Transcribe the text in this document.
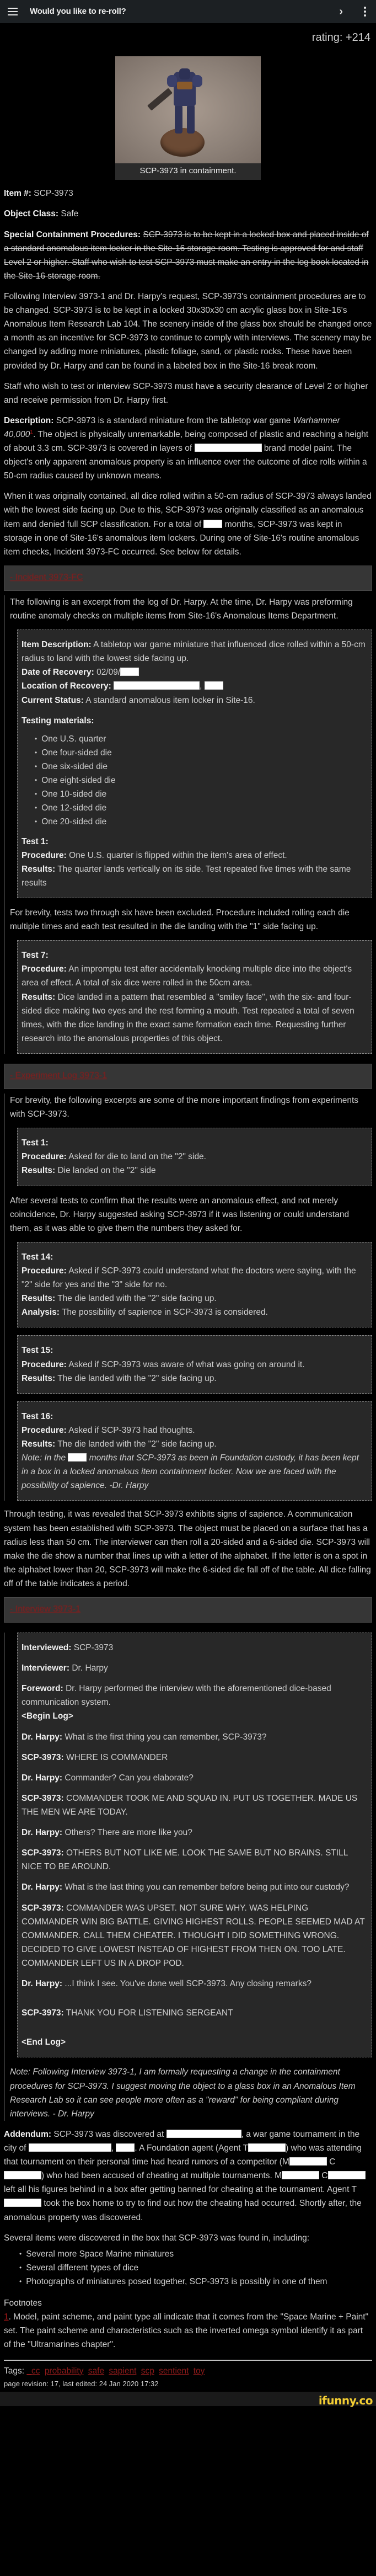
Would you like to re-roll?	›
rating: +214
SCP-3973 in containment.

Item #: SCP-3973

Object Class: Safe

Special Containment Procedures: SCP-3973 is to be kept in a locked box and placed inside of a standard anomalous item locker in the Site-16 storage room. Testing is approved for and staff Level 2 or higher. Staff who wish to test SCP-3973 must make an entry in the log book located in the Site-16 storage room.

Following Interview 3973-1 and Dr. Harpy's request, SCP-3973's containment procedures are to be changed. SCP-3973 is to be kept in a locked 30x30x30 cm acrylic glass box in Site-16's Anomalous Item Research Lab 104. The scenery inside of the glass box should be changed once a month as an incentive for SCP-3973 to continue to comply with interviews. The scenery may be changed by adding more miniatures, plastic foliage, sand, or plastic rocks. These have been provided by Dr. Harpy and can be found in a labeled box in the Site-16 break room.

Staff who wish to test or interview SCP-3973 must have a security clearance of Level 2 or higher and receive permission from Dr. Harpy first.

Description: SCP-3973 is a standard miniature from the tabletop war game Warhammer 40,000$^1$. The object is physically unremarkable, being composed of plastic and reaching a height of about 3.3 cm. SCP-3973 is covered in layers of	brand model paint. The object's only apparent anomalous property is an influence over the outcome of dice rolls within a 50-cm radius caused by unknown means.

When it was originally contained, all dice rolled within a 50-cm radius of SCP-3973 always landed with the lowest side facing up. Due to this, SCP-3973 was originally classified as an anomalous item and denied full SCP classification. For a total of	months, SCP-3973 was kept in storage in one of Site-16's anomalous item lockers. During one of Site-16's routine anomalous item checks, Incident 3973-FC occurred. See below for details.

- Incident 3973-FC

The following is an excerpt from the log of Dr. Harpy. At the time, Dr. Harpy was preforming routine anomaly checks on multiple items from Site-16's Anomalous Items Department.

Item Description: A tabletop war game miniature that influenced dice rolled within a 50-cm radius to land with the lowest side facing up.
Date of Recovery: 02/09/
Location of Recovery:	,
Current Status: A standard anomalous item locker in Site-16.
Testing materials:
• One U.S. quarter
• One four-sided die
• One six-sided die
• One eight-sided die
• One 10-sided die
• One 12-sided die
• One 20-sided die
Test 1:
Procedure: One U.S. quarter is flipped within the item's area of effect.
Results: The quarter lands vertically on its side. Test repeated five times with the same results

For brevity, tests two through six have been excluded. Procedure included rolling each die multiple times and each test resulted in the die landing with the "1" side facing up.

Test 7:
Procedure: An impromptu test after accidentally knocking multiple dice into the object's area of effect. A total of six dice were rolled in the 50cm area.
Results: Dice landed in a pattern that resembled a "smiley face", with the six- and four-sided dice making two eyes and the rest forming a mouth. Test repeated a total of seven times, with the dice landing in the exact same formation each time. Requesting further research into the anomalous properties of this object.
- Experiment Log 3973-1

For brevity, the following excerpts are some of the more important findings from experiments with SCP-3973.

Test 1:
Procedure: Asked for die to land on the "2" side.
Results: Die landed on the "2" side

After several tests to confirm that the results were an anomalous effect, and not merely coincidence, Dr. Harpy suggested asking SCP-3973 if it was listening or could understand them, as it was able to give them the numbers they asked for.

Test 14:
Procedure: Asked if SCP-3973 could understand what the doctors were saying, with the "2" side for yes and the "3" side for no.
Results: The die landed with the "2" side facing up.
Analysis: The possibility of sapience in SCP-3973 is considered.
Test 15:
Procedure: Asked if SCP-3973 was aware of what was going on around it.
Results: The die landed with the "2" side facing up.
Test 16:
Procedure: Asked if SCP-3973 had thoughts.
Results: The die landed with the "2" side facing up.
Note: In the	months that SCP-3973 as been in Foundation custody, it has been kept in a box in a locked anomalous item containment locker. Now we are faced with the possibility of sapience. -Dr. Harpy

Through testing, it was revealed that SCP-3973 exhibits signs of sapience. A communication system has been established with SCP-3973. The object must be placed on a surface that has a radius less than 50 cm. The interviewer can then roll a 20-sided and a 6-sided die. SCP-3973 will make the die show a number that lines up with a letter of the alphabet. If the letter is on a spot in the alphabet lower than 20, SCP-3973 will make the 6-sided die fall off of the table. All dice falling off of the table indicates a period.

- Interview 3973-1

Interviewed: SCP-3973

Interviewer: Dr. Harpy

Foreword: Dr. Harpy performed the interview with the aforementioned dice-based communication system.

<Begin Log>

Dr. Harpy: What is the first thing you can remember, SCP-3973?

SCP-3973: WHERE IS COMMANDER

Dr. Harpy: Commander? Can you elaborate?

SCP-3973: COMMANDER TOOK ME AND SQUAD IN. PUT US TOGETHER. MADE US THE MEN WE ARE TODAY.

Dr. Harpy: Others? There are more like you?

SCP-3973: OTHERS BUT NOT LIKE ME. LOOK THE SAME BUT NO BRAINS. STILL NICE TO BE AROUND.

Dr. Harpy: What is the last thing you can remember before being put into our custody?

SCP-3973: COMMANDER WAS UPSET. NOT SURE WHY. WAS HELPING COMMANDER WIN BIG BATTLE. GIVING HIGHEST ROLLS. PEOPLE SEEMED MAD AT COMMANDER. CALL THEM CHEATER. I THOUGHT I DID SOMETHING WRONG. DECIDED TO GIVE LOWEST INSTEAD OF HIGHEST FROM THEN ON. TOO LATE. COMMANDER LEFT US IN A DROP POD.

Dr. Harpy: ...I think I see. You've done well SCP-3973. Any closing remarks?

SCP-3973: THANK YOU FOR LISTENING SERGEANT

<End Log>

Note: Following Interview 3973-1, I am formally requesting a change in the containment procedures for SCP-3973. I suggest moving the object to a glass box in an Anomalous Item Research Lab so it can see people more often as a "reward" for being compliant during interviews. - Dr. Harpy

Addendum: SCP-3973 was discovered at	, a war game tournament in the city of	, . A Foundation agent (Agent T	) who was attending that tournament on their personal time had heard rumors of a competitor (M	C) who had been accused of cheating at multiple tournaments. M	C left all his figures behind in a box after getting banned for cheating at the tournament. Agent T took the box home to try to find out how the cheating had occurred. Shortly after, the anomalous property was discovered.

Several items were discovered in the box that SCP-3973 was found in, including:

• Several more Space Marine miniatures
• Several different types of dice
• Photographs of miniatures posed together, SCP-3973 is possibly in one of them
Footnotes
1. Model, paint scheme, and paint type all indicate that it comes from the "Space Marine + Paint" set. The paint scheme and characteristics such as the inverted omega symbol identify it as part of the "Ultramarines chapter".
Tags: _cc probability safe sapient scp sentient toy
page revision: 17, last edited: 24 Jan 2020 17:32
ifunny.co
